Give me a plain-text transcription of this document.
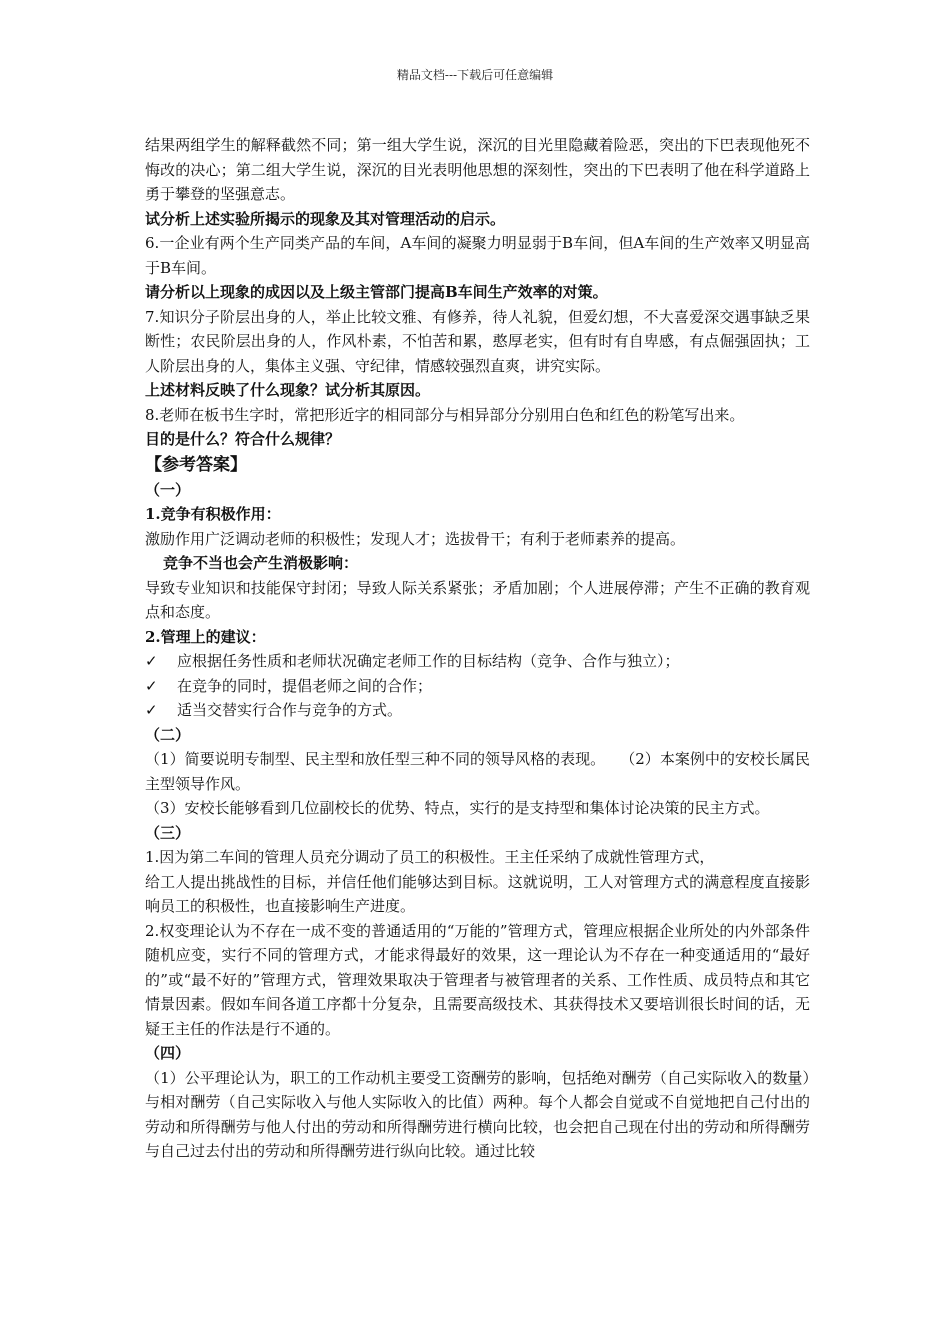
精品文档---下载后可任意编辑

结果两组学生的解释截然不同；第一组大学生说，深沉的目光里隐藏着险恶，突出的下巴表现他死不悔改的决心；第二组大学生说，深沉的目光表明他思想的深刻性，突出的下巴表明了他在科学道路上勇于攀登的坚强意志。

试分析上述实验所揭示的现象及其对管理活动的启示。

6.一企业有两个生产同类产品的车间，A车间的凝聚力明显弱于B车间，但A车间的生产效率又明显高于B车间。

请分析以上现象的成因以及上级主管部门提高B车间生产效率的对策。

7.知识分子阶层出身的人，举止比较文雅、有修养，待人礼貌，但爱幻想，不大喜爱深交遇事缺乏果断性；农民阶层出身的人，作风朴素，不怕苦和累，憨厚老实，但有时有自卑感，有点倔强固执；工人阶层出身的人，集体主义强、守纪律，情感较强烈直爽，讲究实际。

上述材料反映了什么现象？试分析其原因。

8.老师在板书生字时，常把形近字的相同部分与相异部分分别用白色和红色的粉笔写出来。

目的是什么？符合什么规律？

【参考答案】

（一）

1.竞争有积极作用：

激励作用广泛调动老师的积极性；发现人才；选拔骨干；有利于老师素养的提高。

竞争不当也会产生消极影响：

导致专业知识和技能保守封闭；导致人际关系紧张；矛盾加剧；个人进展停滞；产生不正确的教育观点和态度。

2.管理上的建议：

✓	应根据任务性质和老师状况确定老师工作的目标结构（竞争、合作与独立）；

✓	在竞争的同时，提倡老师之间的合作；

✓	适当交替实行合作与竞争的方式。

（二）

（1）简要说明专制型、民主型和放任型三种不同的领导风格的表现。　　（2）本案例中的安校长属民主型领导作风。

（3）安校长能够看到几位副校长的优势、特点，实行的是支持型和集体讨论决策的民主方式。

（三）

1.因为第二车间的管理人员充分调动了员工的积极性。王主任采纳了成就性管理方式，

给工人提出挑战性的目标，并信任他们能够达到目标。这就说明，工人对管理方式的满意程度直接影响员工的积极性，也直接影响生产进度。

2.权变理论认为不存在一成不变的普通适用的“万能的”管理方式，管理应根据企业所处的内外部条件随机应变，实行不同的管理方式，才能求得最好的效果，这一理论认为不存在一种变通适用的“最好的”或“最不好的”管理方式，管理效果取决于管理者与被管理者的关系、工作性质、成员特点和其它情景因素。假如车间各道工序都十分复杂，且需要高级技术、其获得技术又要培训很长时间的话，无疑王主任的作法是行不通的。

（四）

（1）公平理论认为，职工的工作动机主要受工资酬劳的影响，包括绝对酬劳（自己实际收入的数量）与相对酬劳（自己实际收入与他人实际收入的比值）两种。每个人都会自觉或不自觉地把自己付出的劳动和所得酬劳与他人付出的劳动和所得酬劳进行横向比较，也会把自己现在付出的劳动和所得酬劳与自己过去付出的劳动和所得酬劳进行纵向比较。通过比较
